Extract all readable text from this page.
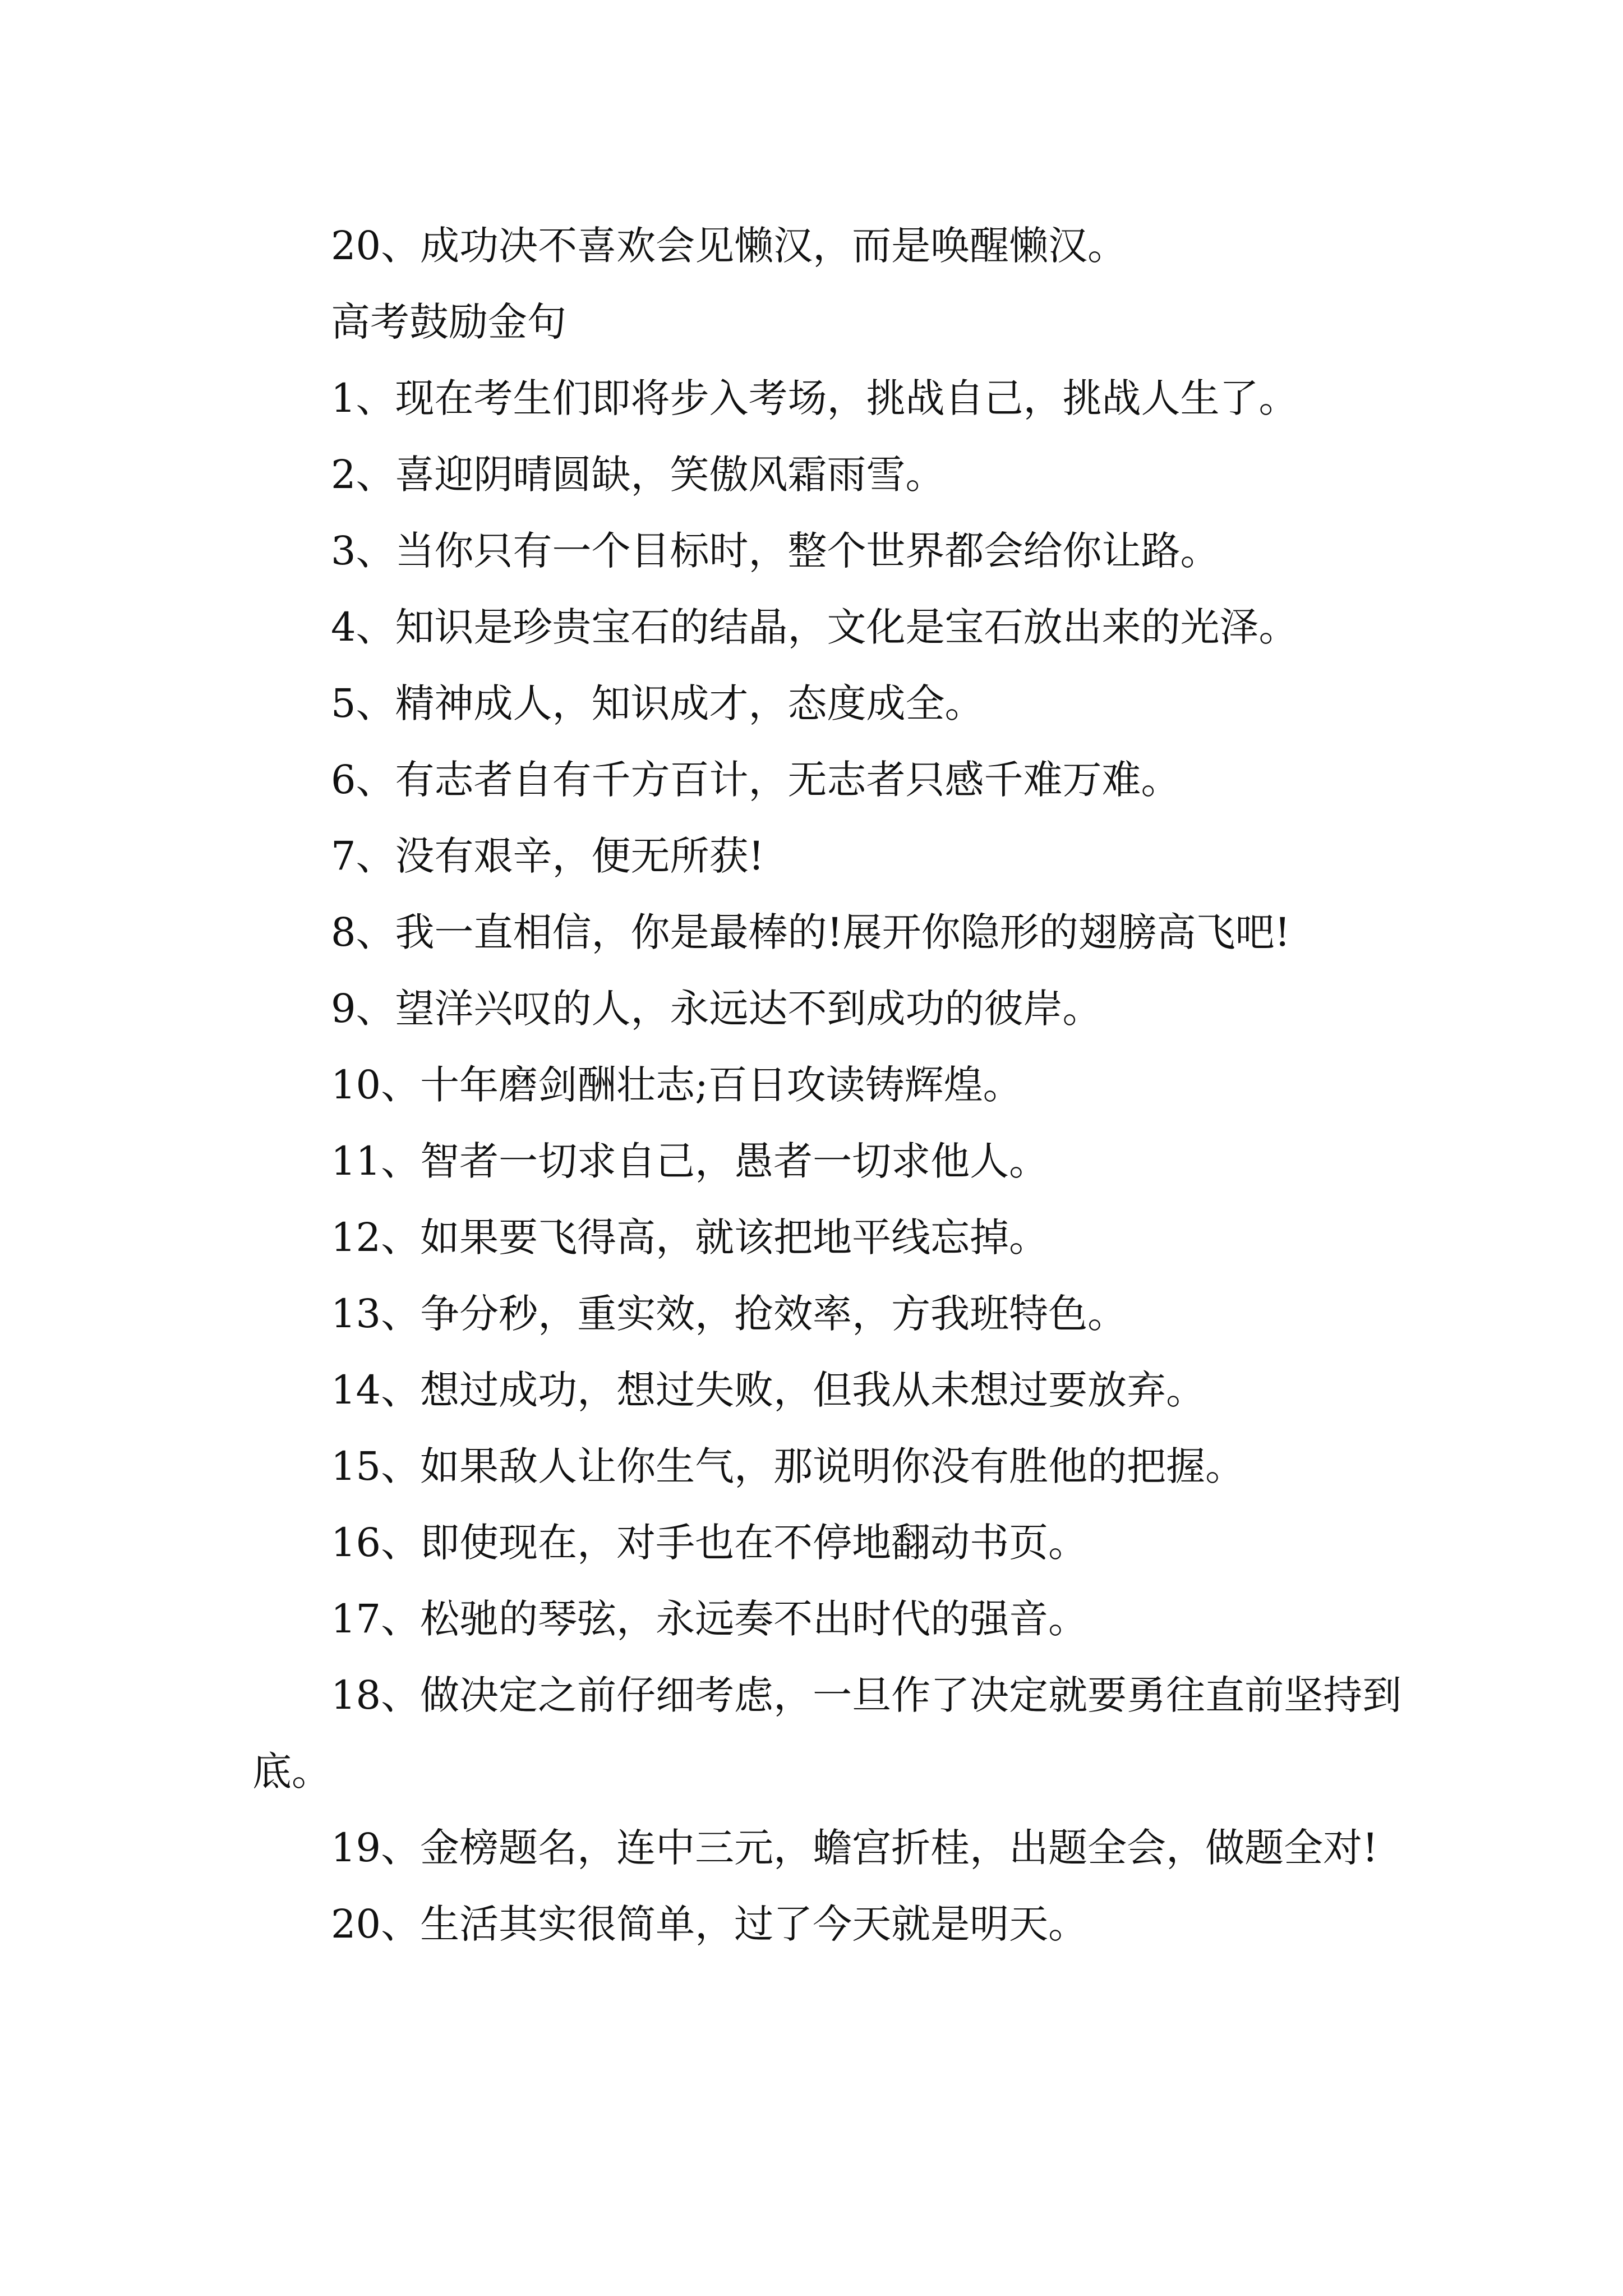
20、成功决不喜欢会见懒汉，而是唤醒懒汉。

高考鼓励金句

1、现在考生们即将步入考场，挑战自己，挑战人生了。

2、喜迎阴晴圆缺，笑傲风霜雨雪。

3、当你只有一个目标时，整个世界都会给你让路。

4、知识是珍贵宝石的结晶，文化是宝石放出来的光泽。

5、精神成人，知识成才，态度成全。

6、有志者自有千方百计，无志者只感千难万难。

7、没有艰辛，便无所获!

8、我一直相信，你是最棒的!展开你隐形的翅膀高飞吧!

9、望洋兴叹的人，永远达不到成功的彼岸。

10、十年磨剑酬壮志;百日攻读铸辉煌。

11、智者一切求自己，愚者一切求他人。

12、如果要飞得高，就该把地平线忘掉。

13、争分秒，重实效，抢效率，方我班特色。

14、想过成功，想过失败，但我从未想过要放弃。

15、如果敌人让你生气，那说明你没有胜他的把握。

16、即使现在，对手也在不停地翻动书页。

17、松驰的琴弦，永远奏不出时代的强音。

18、做决定之前仔细考虑，一旦作了决定就要勇往直前坚持到底。

19、金榜题名，连中三元，蟾宫折桂，出题全会，做题全对!

20、生活其实很简单，过了今天就是明天。
